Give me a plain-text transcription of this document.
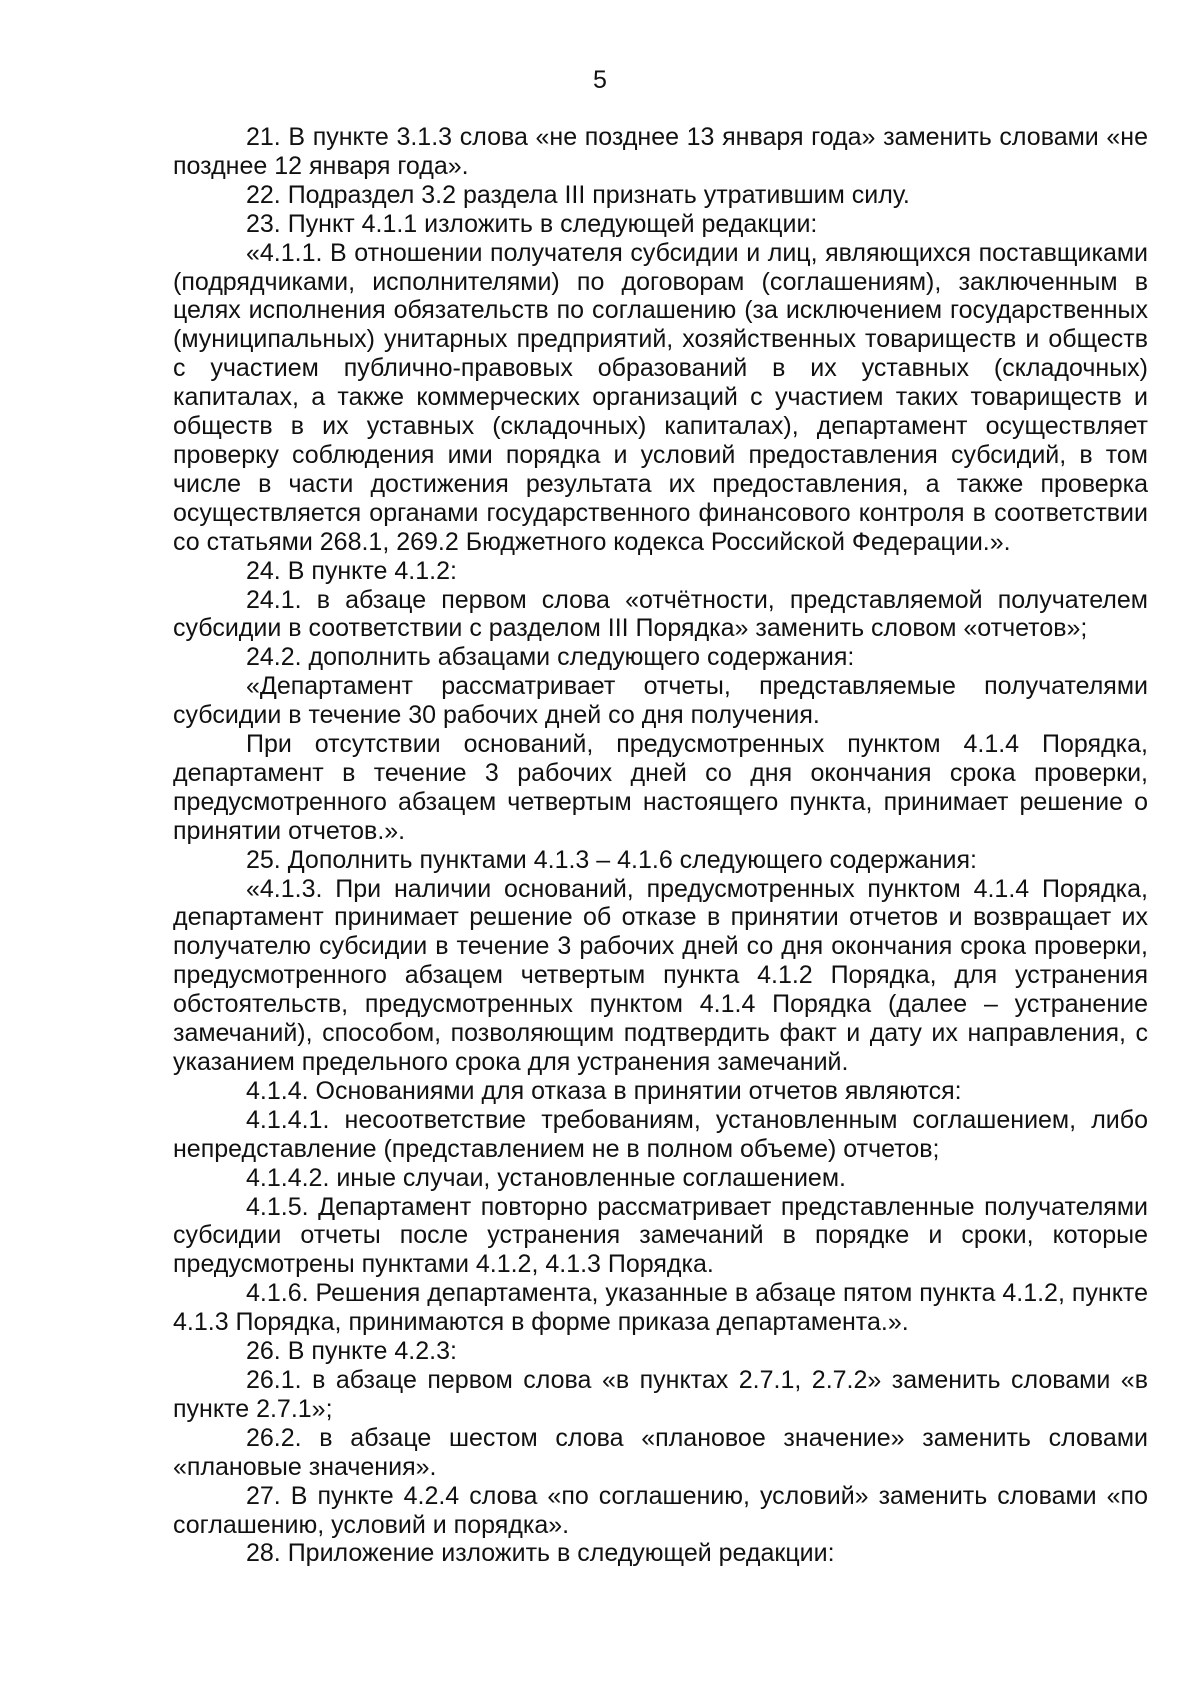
5

21. В пункте 3.1.3 слова «не позднее 13 января года» заменить словами «не позднее 12 января года».

22. Подраздел 3.2 раздела III признать утратившим силу.

23. Пункт 4.1.1 изложить в следующей редакции:

«4.1.1. В отношении получателя субсидии и лиц, являющихся поставщиками (подрядчиками, исполнителями) по договорам (соглашениям), заключенным в целях исполнения обязательств по соглашению (за исключением государственных (муниципальных) унитарных предприятий, хозяйственных товариществ и обществ с участием публично-правовых образований в их уставных (складочных) капиталах, а также коммерческих организаций с участием таких товариществ и обществ в их уставных (складочных) капиталах), департамент осуществляет проверку соблюдения ими порядка и условий предоставления субсидий, в том числе в части достижения результата их предоставления, а также проверка осуществляется органами государственного финансового контроля в соответствии со статьями 268.1, 269.2 Бюджетного кодекса Российской Федерации.».

24. В пункте 4.1.2:

24.1. в абзаце первом слова «отчётности, представляемой получателем субсидии в соответствии с разделом III Порядка» заменить словом «отчетов»;

24.2. дополнить абзацами следующего содержания:

«Департамент рассматривает отчеты, представляемые получателями субсидии в течение 30 рабочих дней со дня получения.

При отсутствии оснований, предусмотренных пунктом 4.1.4 Порядка, департамент в течение 3 рабочих дней со дня окончания срока проверки, предусмотренного абзацем четвертым настоящего пункта, принимает решение о принятии отчетов.».

25. Дополнить пунктами 4.1.3 – 4.1.6 следующего содержания:

«4.1.3. При наличии оснований, предусмотренных пунктом 4.1.4 Порядка, департамент принимает решение об отказе в принятии отчетов и возвращает их получателю субсидии в течение 3 рабочих дней со дня окончания срока проверки, предусмотренного абзацем четвертым пункта 4.1.2 Порядка, для устранения обстоятельств, предусмотренных пунктом 4.1.4 Порядка (далее – устранение замечаний), способом, позволяющим подтвердить факт и дату их направления, с указанием предельного срока для устранения замечаний.

4.1.4. Основаниями для отказа в принятии отчетов являются:

4.1.4.1. несоответствие требованиям, установленным соглашением, либо непредставление (представлением не в полном объеме) отчетов;

4.1.4.2. иные случаи, установленные соглашением.

4.1.5. Департамент повторно рассматривает представленные получателями субсидии отчеты после устранения замечаний в порядке и сроки, которые предусмотрены пунктами 4.1.2, 4.1.3 Порядка.

4.1.6. Решения департамента, указанные в абзаце пятом пункта 4.1.2, пункте 4.1.3 Порядка, принимаются в форме приказа департамента.».

26. В пункте 4.2.3:

26.1. в абзаце первом слова «в пунктах 2.7.1, 2.7.2» заменить словами «в пункте 2.7.1»;

26.2. в абзаце шестом слова «плановое значение» заменить словами «плановые значения».

27. В пункте 4.2.4 слова «по соглашению, условий» заменить словами «по соглашению, условий и порядка».

28. Приложение изложить в следующей редакции:
